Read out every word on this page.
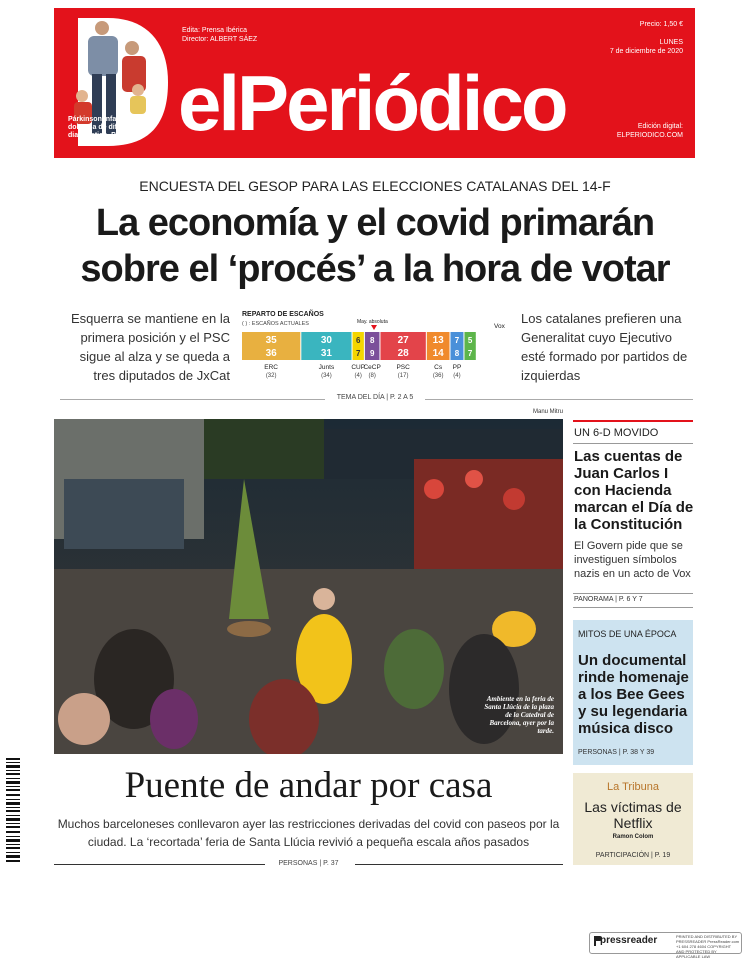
Párkinson infantil, una dolencia de difícil diagnóstico. P. 30 y 31
Edita: Prensa Ibérica
Director: ALBERT SÁEZ
elPeriódico
Precio: 1,50 €
LUNES
7 de diciembre de 2020
Edición digital:
ELPERIODICO.COM
ENCUESTA DEL GESOP PARA LAS ELECCIONES CATALANAS DEL 14-F
La economía y el covid primarán
sobre el ‘procés’ a la hora de votar
Esquerra se mantiene en la primera posición y el PSC sigue al alza y se queda a tres diputados de JxCat
Los catalanes prefieren una Generalitat cuyo Ejecutivo esté formado por partidos de izquierdas
REPARTO DE ESCAÑOS
( ) : ESCAÑOS ACTUALES	May. absoluta
Vox
35
36
ERC
(32)
30
31
Junts
(34)
6
7
CUP
(4)
8
9
CeCP
(8)
27
28
PSC
(17)
13
14
Cs
(36)
7
8
PP
(4)
5
7
TEMA DEL DÍA | P. 2 A 5
Manu Mitru
Ambiente en la feria de Santa Llúcia de la plaza de la Catedral de Barcelona, ayer por la tarde.
Puente de andar por casa
Muchos barceloneses conllevaron ayer las restricciones derivadas del covid con paseos por la ciudad. La ‘recortada’ feria de Santa Llúcia revivió a pequeña escala años pasados
PERSONAS | P. 37
UN 6-D MOVIDO
Las cuentas de Juan Carlos I con Hacienda marcan el Día de la Constitución
El Govern pide que se investiguen símbolos nazis en un acto de Vox
PANORAMA | P. 6 Y 7
MITOS DE UNA ÉPOCA
Un documental rinde homenaje a los Bee Gees y su legendaria música disco
PERSONAS | P. 38 Y 39
La Tribuna
Las víctimas de Netflix
Ramon Colom
PARTICIPACIÓN | P. 19
pressreader	PRINTED AND DISTRIBUTED BY PRESSREADER PressReader.com +1 604 278 4604 COPYRIGHT AND PROTECTED BY APPLICABLE LAW
